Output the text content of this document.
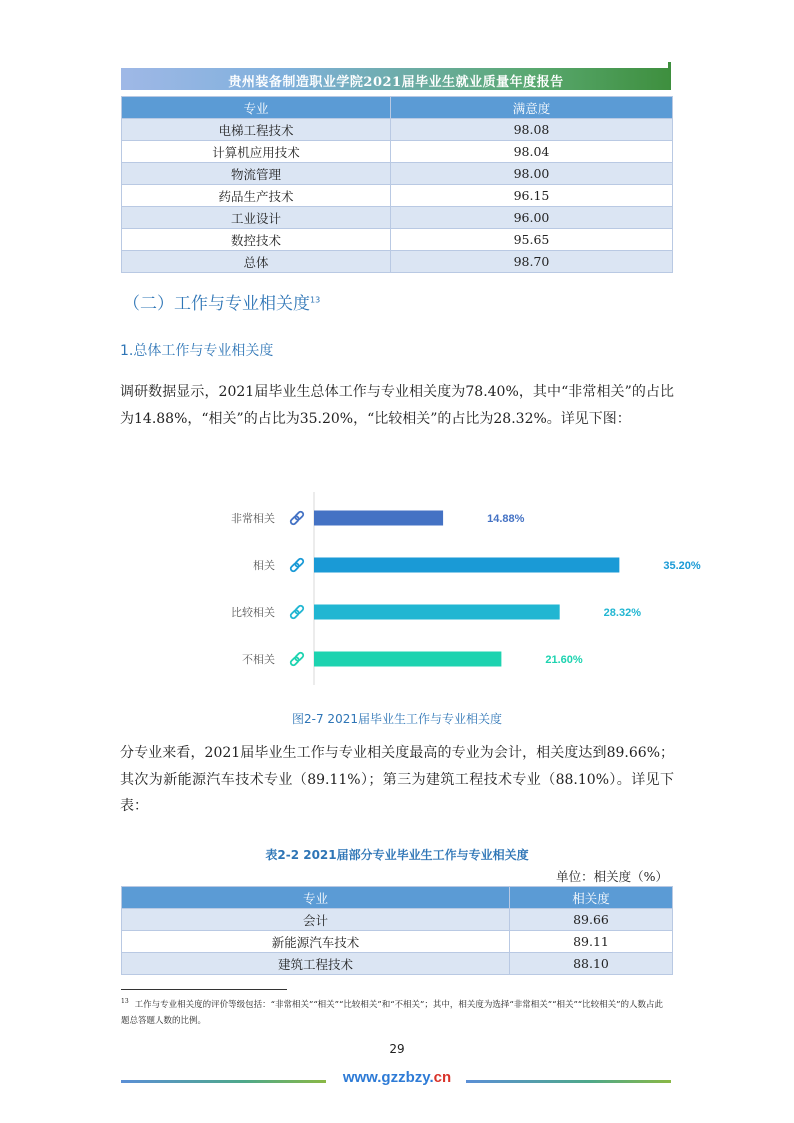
贵州装备制造职业学院2021届毕业生就业质量年度报告
专业	满意度
电梯工程技术	98.08
计算机应用技术	98.04
物流管理	98.00
药品生产技术	96.15
工业设计	96.00
数控技术	95.65
总体	98.70
（二）工作与专业相关度$^{13}$
1.总体工作与专业相关度

调研数据显示，2021届毕业生总体工作与专业相关度为78.40%，其中“非常相关”的占比为14.88%，“相关”的占比为35.20%，“比较相关”的占比为28.32%。详见下图：

非常相关	14.88%
相关	35.20%
比较相关	28.32%
不相关	21.60%
图2-7 2021届毕业生工作与专业相关度

分专业来看，2021届毕业生工作与专业相关度最高的专业为会计，相关度达到89.66%；其次为新能源汽车技术专业（89.11%）；第三为建筑工程技术专业（88.10%）。详见下表：

表2-2 2021届部分专业毕业生工作与专业相关度
单位：相关度（%）
专业	相关度
会计	89.66
新能源汽车技术	89.11
建筑工程技术	88.10
$^{13}$ 工作与专业相关度的评价等级包括：“非常相关”“相关”“比较相关”和“不相关”；其中，相关度为选择“非常相关”“相关”“比较相关”的人数占此题总答题人数的比例。
29
www.gzzbzy.cn
